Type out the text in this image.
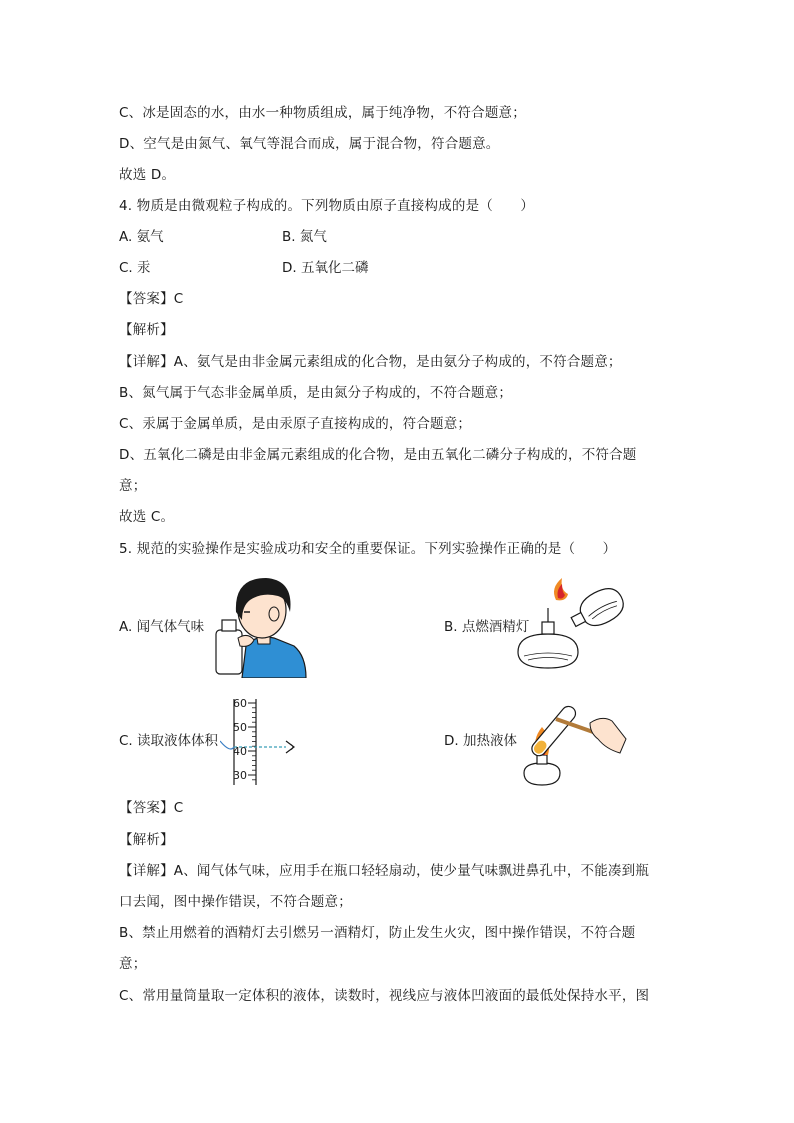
C、冰是固态的水，由水一种物质组成，属于纯净物，不符合题意；
D、空气是由氮气、氧气等混合而成，属于混合物，符合题意。
故选 D。
4. 物质是由微观粒子构成的。下列物质由原子直接构成的是（　　）
A. 氨气	B. 氮气
C. 汞	D. 五氧化二磷
【答案】C
【解析】
【详解】A、氨气是由非金属元素组成的化合物，是由氨分子构成的，不符合题意；
B、氮气属于气态非金属单质，是由氮分子构成的，不符合题意；
C、汞属于金属单质，是由汞原子直接构成的，符合题意；
D、五氧化二磷是由非金属元素组成的化合物，是由五氧化二磷分子构成的，不符合题
意；
故选 C。
5. 规范的实验操作是实验成功和安全的重要保证。下列实验操作正确的是（　　）
A. 闻气体气味	B. 点燃酒精灯
C. 读取液体体积	D. 加热液体
60
50
40
30
【答案】C
【解析】
【详解】A、闻气体气味，应用手在瓶口轻轻扇动，使少量气味飘进鼻孔中，不能凑到瓶
口去闻，图中操作错误，不符合题意；
B、禁止用燃着的酒精灯去引燃另一酒精灯，防止发生火灾，图中操作错误，不符合题
意；
C、常用量筒量取一定体积的液体，读数时，视线应与液体凹液面的最低处保持水平，图
